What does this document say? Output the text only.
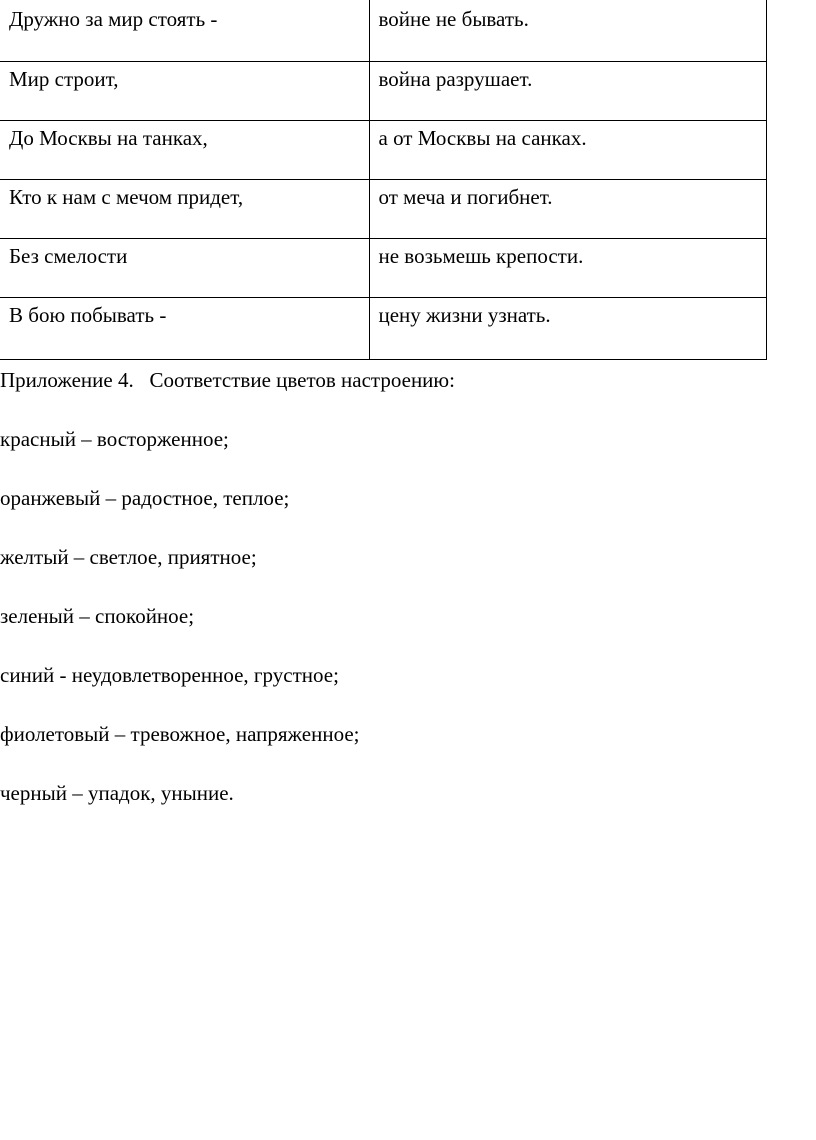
Дружно за мир стоять -	войне не бывать.
Мир строит,	война разрушает.
До Москвы на танках,	а от Москвы на санках.
Кто к нам с мечом придет,	от меча и погибнет.
Без смелости	не возьмешь крепости.
В бою побывать -	цену жизни узнать.

Приложение 4.   Соответствие цветов настроению:

красный – восторженное;
оранжевый – радостное, теплое;
желтый – светлое, приятное;
зеленый – спокойное;
синий - неудовлетворенное, грустное;
фиолетовый – тревожное, напряженное;
черный – упадок, уныние.
